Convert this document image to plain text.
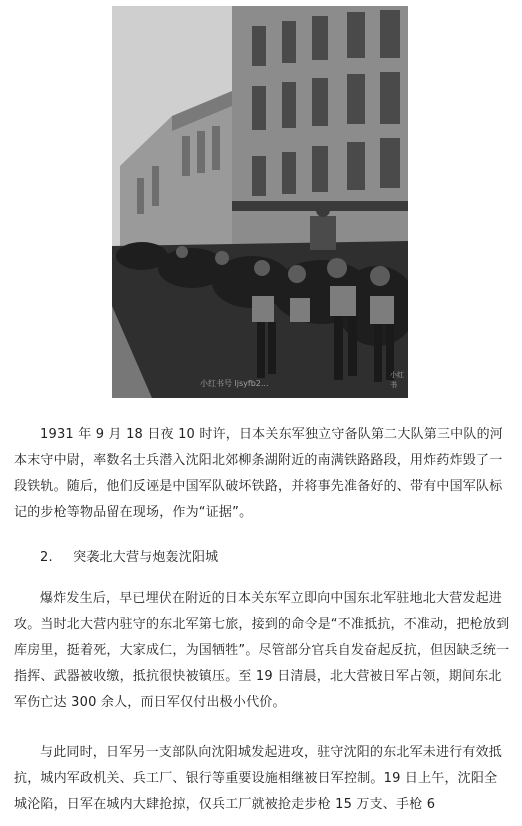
小红书
小红书号 ljsyfb2...
1931 年 9 月 18 日夜 10 时许，日本关东军独立守备队第二大队第三中队的河本末守中尉，率数名士兵潜入沈阳北郊柳条湖附近的南满铁路路段，用炸药炸毁了一段铁轨。随后，他们反诬是中国军队破坏铁路，并将事先准备好的、带有中国军队标记的步枪等物品留在现场，作为“证据”。
2. 突袭北大营与炮轰沈阳城
爆炸发生后，早已埋伏在附近的日本关东军立即向中国东北军驻地北大营发起进攻。当时北大营内驻守的东北军第七旅，接到的命令是“不准抵抗，不准动，把枪放到库房里，挺着死，大家成仁，为国牺牲”。尽管部分官兵自发奋起反抗，但因缺乏统一指挥、武器被收缴，抵抗很快被镇压。至 19 日清晨，北大营被日军占领，期间东北军伤亡达 300 余人，而日军仅付出极小代价。
与此同时，日军另一支部队向沈阳城发起进攻，驻守沈阳的东北军未进行有效抵抗，城内军政机关、兵工厂、银行等重要设施相继被日军控制。19 日上午，沈阳全城沦陷，日军在城内大肆抢掠，仅兵工厂就被抢走步枪 15 万支、手枪 6
